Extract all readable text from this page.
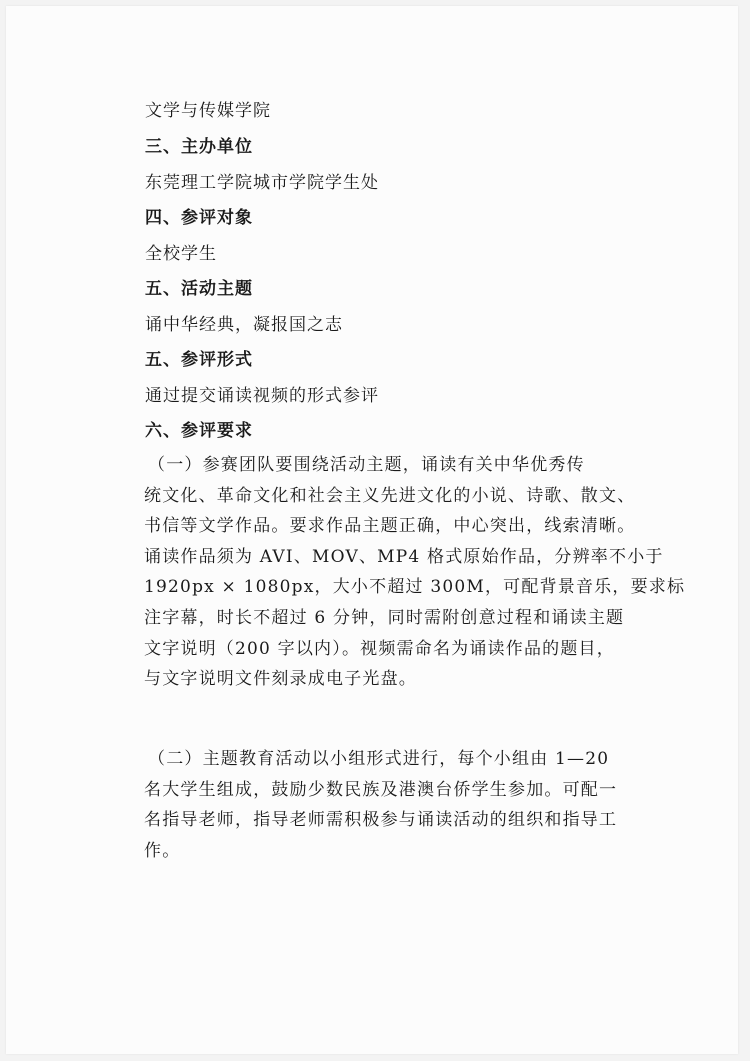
文学与传媒学院
三、主办单位
东莞理工学院城市学院学生处
四、参评对象
全校学生
五、活动主题
诵中华经典，凝报国之志
五、参评形式
通过提交诵读视频的形式参评
六、参评要求
（一）参赛团队要围绕活动主题，诵读有关中华优秀传
统文化、革命文化和社会主义先进文化的小说、诗歌、散文、
书信等文学作品。要求作品主题正确，中心突出，线索清晰。
诵读作品须为 AVI、MOV、MP4 格式原始作品，分辨率不小于
1920px × 1080px，大小不超过 300M，可配背景音乐，要求标
注字幕，时长不超过 6 分钟，同时需附创意过程和诵读主题
文字说明（200 字以内）。视频需命名为诵读作品的题目，
与文字说明文件刻录成电子光盘。
（二）主题教育活动以小组形式进行，每个小组由 1—20
名大学生组成，鼓励少数民族及港澳台侨学生参加。可配一
名指导老师，指导老师需积极参与诵读活动的组织和指导工
作。
